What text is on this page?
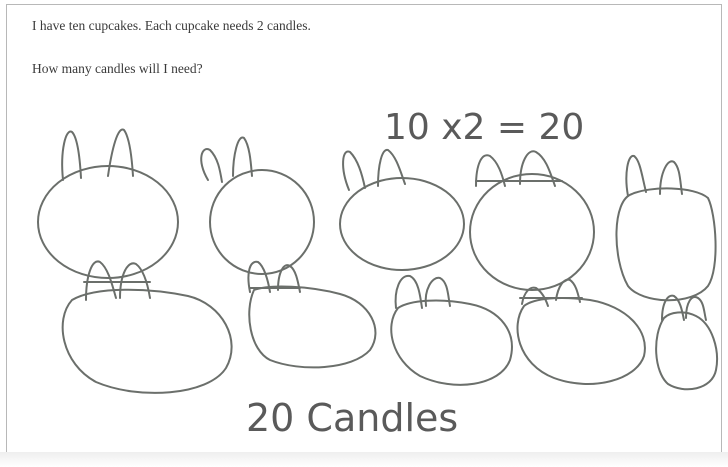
I have ten cupcakes. Each cupcake needs 2 candles.
How many candles will I need?
10 x2 = 20
20 Candles
